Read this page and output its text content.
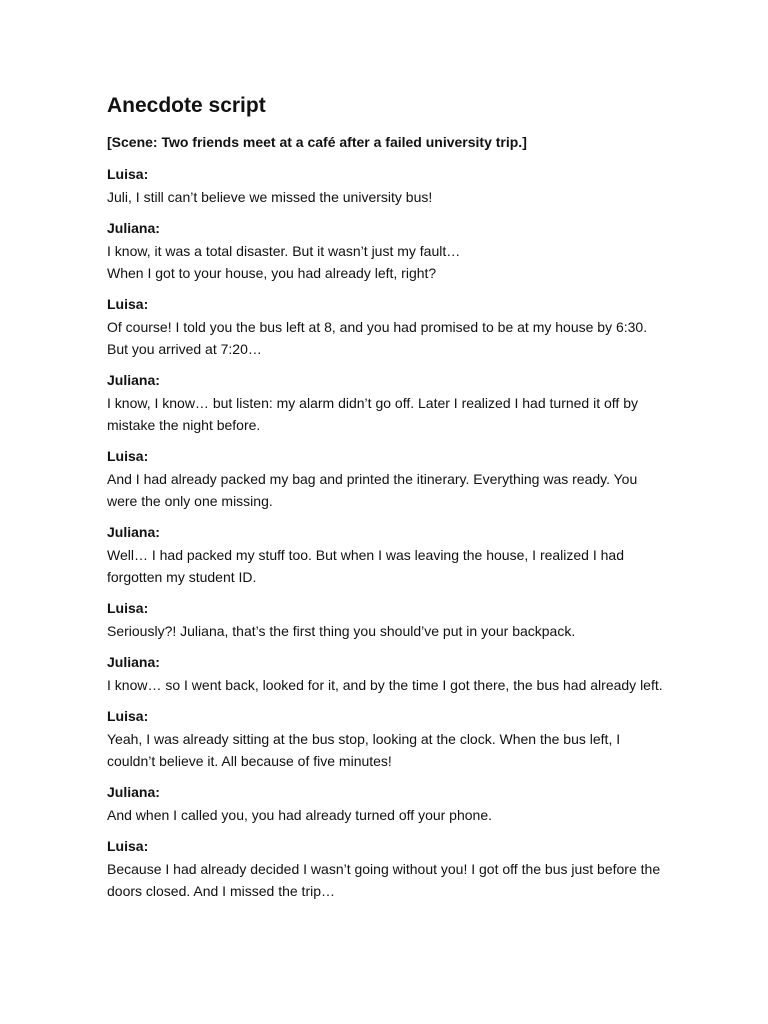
Anecdote script

[Scene: Two friends meet at a café after a failed university trip.]

Luisa:

Juli, I still can’t believe we missed the university bus!

Juliana:

I know, it was a total disaster. But it wasn’t just my fault…

When I got to your house, you had already left, right?

Luisa:

Of course! I told you the bus left at 8, and you had promised to be at my house by 6:30. But you arrived at 7:20…

Juliana:

I know, I know… but listen: my alarm didn’t go off. Later I realized I had turned it off by mistake the night before.

Luisa:

And I had already packed my bag and printed the itinerary. Everything was ready. You were the only one missing.

Juliana:

Well… I had packed my stuff too. But when I was leaving the house, I realized I had forgotten my student ID.

Luisa:

Seriously?! Juliana, that’s the first thing you should’ve put in your backpack.

Juliana:

I know… so I went back, looked for it, and by the time I got there, the bus had already left.

Luisa:

Yeah, I was already sitting at the bus stop, looking at the clock. When the bus left, I couldn’t believe it. All because of five minutes!

Juliana:

And when I called you, you had already turned off your phone.

Luisa:

Because I had already decided I wasn’t going without you! I got off the bus just before the doors closed. And I missed the trip…
